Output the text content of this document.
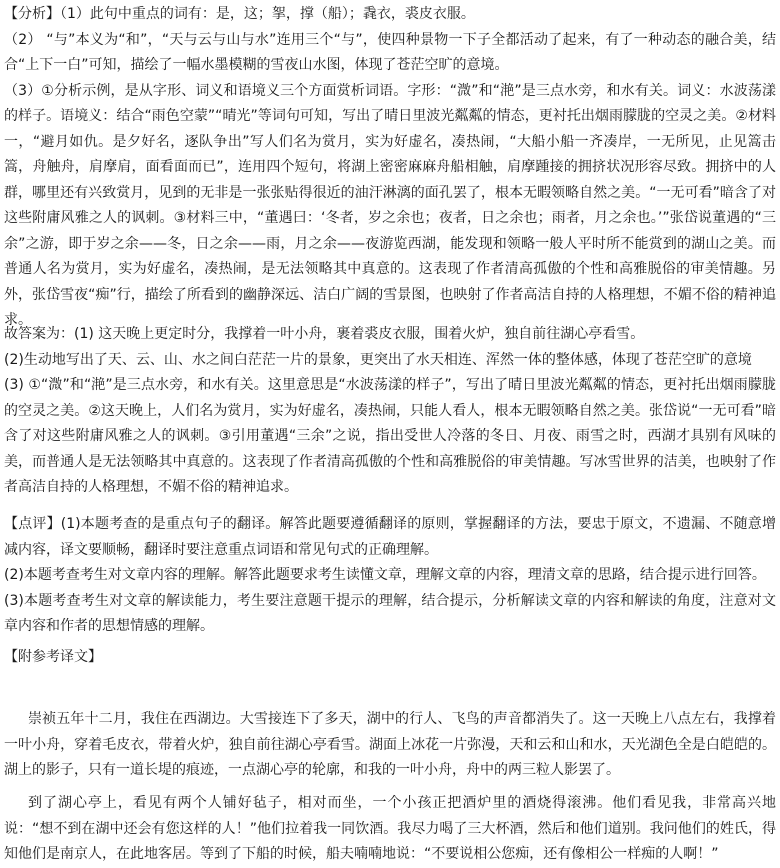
【分析】（1）此句中重点的词有：是，这；挐，撑（船）；毳衣，裘皮衣服。
（2） “与”本义为“和”，“天与云与山与水”连用三个“与”，使四种景物一下子全都活动了起来，有了一种动态的融合美，结合“上下一白”可知，描绘了一幅水墨模糊的雪夜山水图，体现了苍茫空旷的意境。
（3）①分析示例，是从字形、词义和语境义三个方面赏析词语。字形：“溦”和“滟”是三点水旁，和水有关。词义：水波荡漾的样子。语境义：结合“雨色空蒙”“晴光”等词句可知，写出了晴日里波光粼粼的情态，更衬托出烟雨朦胧的空灵之美。②材料一，“避月如仇。是夕好名，逐队争出”写人们名为赏月，实为好虚名，凑热闹，“大船小船一齐凑岸，一无所见，止见篙击篙，舟触舟，肩摩肩，面看面而已”，连用四个短句，将湖上密密麻麻舟船相触，肩摩踵接的拥挤状况形容尽致。拥挤中的人群，哪里还有兴致赏月，见到的无非是一张张贴得很近的油汗淋漓的面孔罢了，根本无暇领略自然之美。“一无可看”暗含了对这些附庸风雅之人的讽刺。③材料三中，“董遇曰：‘冬者，岁之余也；夜者，日之余也；雨者，月之余也。’”张岱说董遇的“三余”之游，即于岁之余——冬，日之余——雨，月之余——夜游览西湖，能发现和领略一般人平时所不能赏到的湖山之美。而普通人名为赏月，实为好虚名，凑热闹，是无法领略其中真意的。这表现了作者清高孤傲的个性和高雅脱俗的审美情趣。另外，张岱雪夜“痴”行，描绘了所看到的幽静深远、洁白广阔的雪景图，也映射了作者高洁自持的人格理想，不媚不俗的精神追求。
故答案为：(1) 这天晚上更定时分，我撑着一叶小舟，裹着裘皮衣服，围着火炉，独自前往湖心亭看雪。
(2)生动地写出了天、云、山、水之间白茫茫一片的景象，更突出了水天相连、浑然一体的整体感，体现了苍茫空旷的意境
(3) ①“溦”和“滟”是三点水旁，和水有关。这里意思是“水波荡漾的样子”，写出了晴日里波光粼粼的情态，更衬托出烟雨朦胧的空灵之美。②这天晚上，人们名为赏月，实为好虚名，凑热闹，只能人看人，根本无暇领略自然之美。张岱说“一无可看”暗含了对这些附庸风雅之人的讽刺。③引用董遇“三余”之说，指出受世人冷落的冬日、月夜、雨雪之时，西湖才具别有风味的美，而普通人是无法领略其中真意的。这表现了作者清高孤傲的个性和高雅脱俗的审美情趣。写冰雪世界的洁美，也映射了作者高洁自持的人格理想，不媚不俗的精神追求。
【点评】(1)本题考查的是重点句子的翻译。解答此题要遵循翻译的原则，掌握翻译的方法，要忠于原文，不遗漏、不随意增减内容，译文要顺畅，翻译时要注意重点词语和常见句式的正确理解。
(2)本题考查考生对文章内容的理解。解答此题要求考生读懂文章，理解文章的内容，理清文章的思路，结合提示进行回答。
(3)本题考查考生对文章的解读能力，考生要注意题干提示的理解，结合提示，分析解读文章的内容和解读的角度，注意对文章内容和作者的思想情感的理解。
【附参考译文】
崇祯五年十二月，我住在西湖边。大雪接连下了多天，湖中的行人、飞鸟的声音都消失了。这一天晚上八点左右，我撑着一叶小舟，穿着毛皮衣，带着火炉，独自前往湖心亭看雪。湖面上冰花一片弥漫，天和云和山和水，天光湖色全是白皑皑的。湖上的影子，只有一道长堤的痕迹，一点湖心亭的轮廓，和我的一叶小舟，舟中的两三粒人影罢了。
到了湖心亭上，看见有两个人铺好毡子，相对而坐，一个小孩正把酒炉里的酒烧得滚沸。他们看见我，非常高兴地说：“想不到在湖中还会有您这样的人！”他们拉着我一同饮酒。我尽力喝了三大杯酒，然后和他们道别。我问他们的姓氏，得知他们是南京人，在此地客居。等到了下船的时候，船夫喃喃地说：“不要说相公您痴，还有像相公一样痴的人啊！”
